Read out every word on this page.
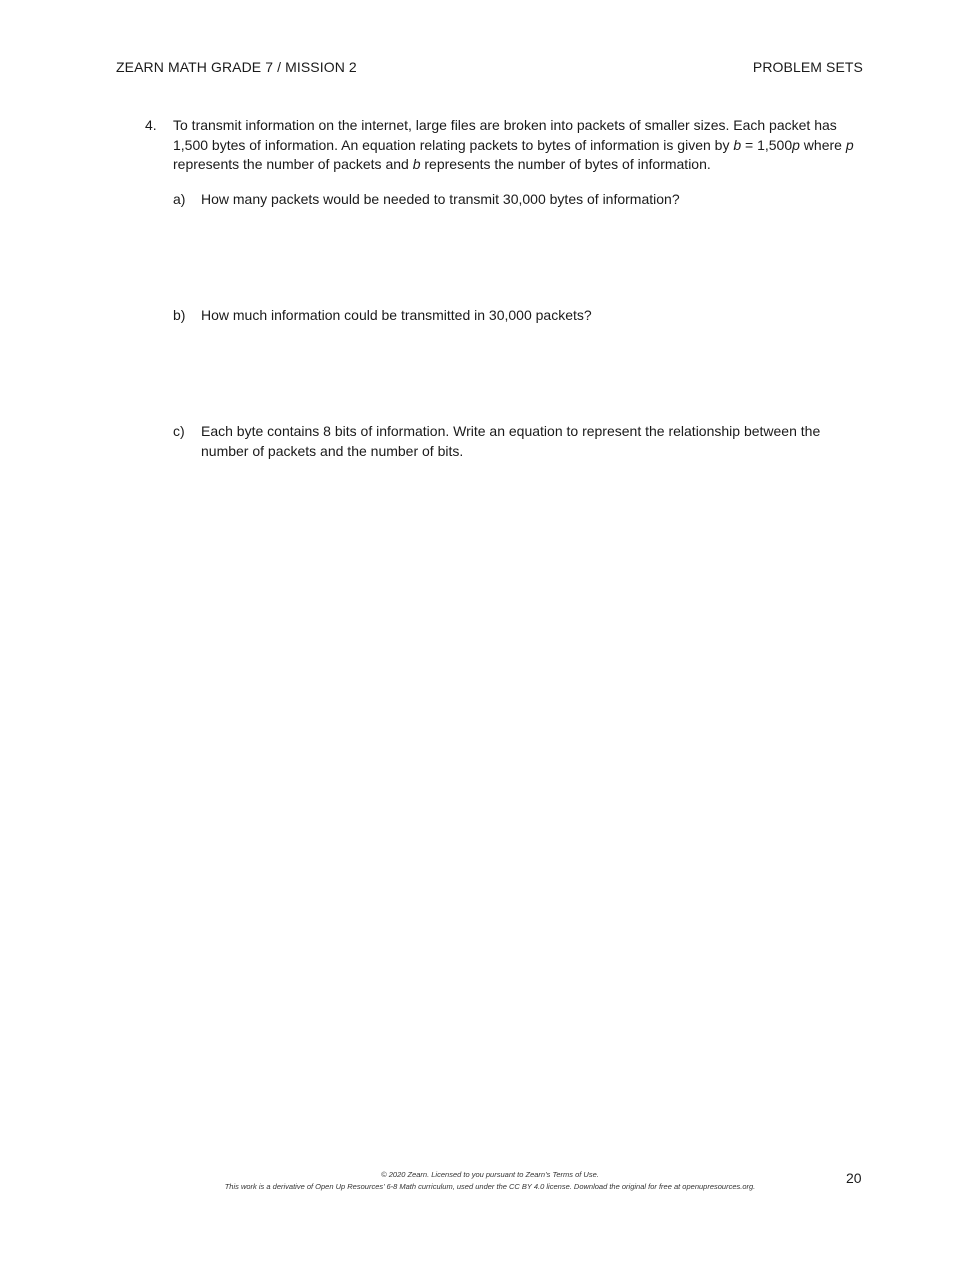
ZEARN MATH GRADE 7 / MISSION 2	PROBLEM SETS
4. To transmit information on the internet, large files are broken into packets of smaller sizes. Each packet has 1,500 bytes of information. An equation relating packets to bytes of information is given by b = 1,500p where p represents the number of packets and b represents the number of bytes of information.
a) How many packets would be needed to transmit 30,000 bytes of information?
b) How much information could be transmitted in 30,000 packets?
c) Each byte contains 8 bits of information. Write an equation to represent the relationship between the number of packets and the number of bits.
© 2020 Zearn. Licensed to you pursuant to Zearn’s Terms of Use.
This work is a derivative of Open Up Resources’ 6-8 Math curriculum, used under the CC BY 4.0 license. Download the original for free at openupresources.org.
20
